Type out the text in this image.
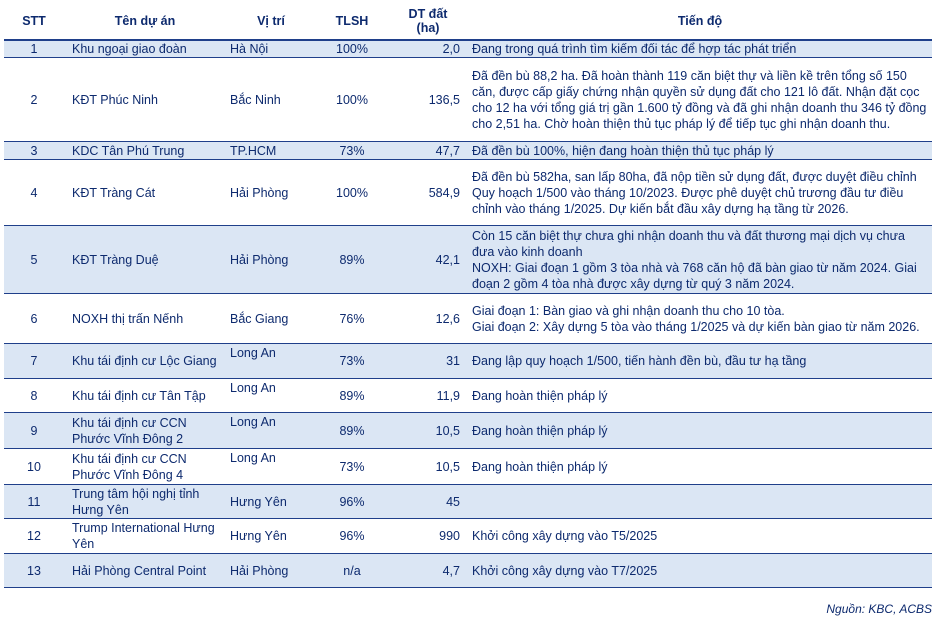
STT	Tên dự án	Vị trí	TLSH	DT đất
(ha)	Tiến độ
1	Khu ngoại giao đoàn	Hà Nội	100%	2,0	Đang trong quá trình tìm kiếm đối tác để hợp tác phát triển
2	KĐT Phúc Ninh	Bắc Ninh	100%	136,5	Đã đền bù 88,2 ha. Đã hoàn thành 119 căn biệt thự và liền kề trên tổng số 150 căn, được cấp giấy chứng nhận quyền sử dụng đất cho 121 lô đất. Nhận đặt cọc cho 12 ha với tổng giá trị gần 1.600 tỷ đồng và đã ghi nhận doanh thu 346 tỷ đồng cho 2,51 ha. Chờ hoàn thiện thủ tục pháp lý để tiếp tục ghi nhận doanh thu.
3	KDC Tân Phú Trung	TP.HCM	73%	47,7	Đã đền bù 100%, hiện đang hoàn thiện thủ tục pháp lý
4	KĐT Tràng Cát	Hải Phòng	100%	584,9	Đã đền bù 582ha, san lấp 80ha, đã nộp tiền sử dụng đất, được duyệt điều chỉnh Quy hoạch 1/500 vào tháng 10/2023. Được phê duyệt chủ trương đầu tư điều chỉnh vào tháng 1/2025. Dự kiến bắt đầu xây dựng hạ tầng từ 2026.
5	KĐT Tràng Duệ	Hải Phòng	89%	42,1	Còn 15 căn biệt thự chưa ghi nhận doanh thu và đất thương mại dịch vụ chưa đưa vào kinh doanh
NOXH: Giai đoạn 1 gồm 3 tòa nhà và 768 căn hộ đã bàn giao từ năm 2024. Giai đoạn 2 gồm 4 tòa nhà được xây dựng từ quý 3 năm 2024.
6	NOXH thị trấn Nếnh	Bắc Giang	76%	12,6	Giai đoạn 1: Bàn giao và ghi nhận doanh thu cho 10 tòa.
Giai đoạn 2: Xây dựng 5 tòa vào tháng 1/2025 và dự kiến bàn giao từ năm 2026.
7	Khu tái định cư Lộc Giang	Long An	73%	31	Đang lập quy hoạch 1/500, tiến hành đền bù, đầu tư hạ tầng
8	Khu tái định cư Tân Tập	Long An	89%	11,9	Đang hoàn thiện pháp lý
9	Khu tái định cư CCN Phước Vĩnh Đông 2	Long An	89%	10,5	Đang hoàn thiện pháp lý
10	Khu tái định cư CCN Phước Vĩnh Đông 4	Long An	73%	10,5	Đang hoàn thiện pháp lý
11	Trung tâm hội nghị tỉnh Hưng Yên	Hưng Yên	96%	45	
12	Trump International Hưng Yên	Hưng Yên	96%	990	Khởi công xây dựng vào T5/2025
13	Hải Phòng Central Point	Hải Phòng	n/a	4,7	Khởi công xây dựng vào T7/2025
Nguồn: KBC, ACBS
